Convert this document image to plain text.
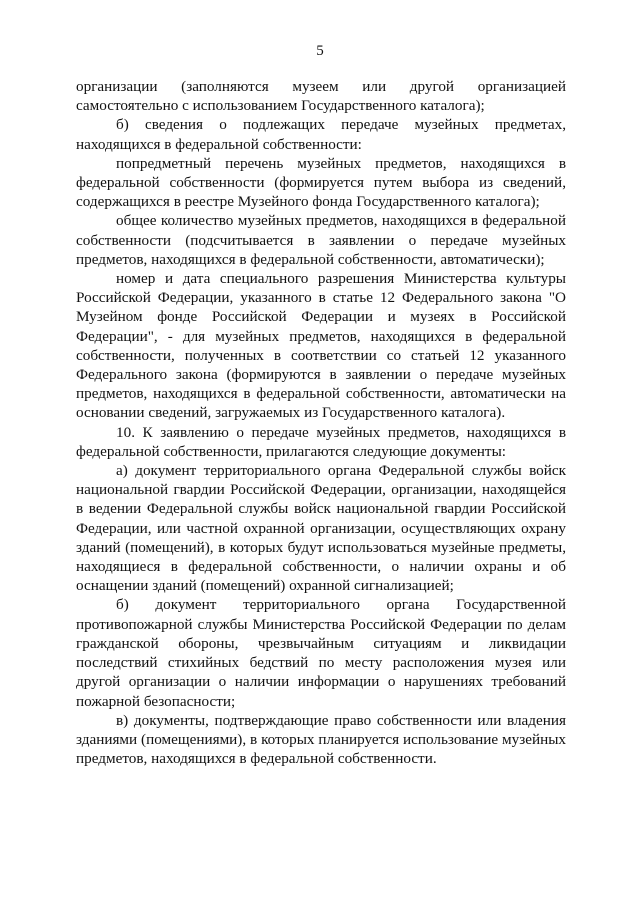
5

организации (заполняются музеем или другой организацией самостоятельно с использованием Государственного каталога);

б) сведения о подлежащих передаче музейных предметах, находящихся в федеральной собственности:

попредметный перечень музейных предметов, находящихся в федеральной собственности (формируется путем выбора из сведений, содержащихся в реестре Музейного фонда Государственного каталога);

общее количество музейных предметов, находящихся в федеральной собственности (подсчитывается в заявлении о передаче музейных предметов, находящихся в федеральной собственности, автоматически);

номер и дата специального разрешения Министерства культуры Российской Федерации, указанного в статье 12 Федерального закона "О Музейном фонде Российской Федерации и музеях в Российской Федерации", - для музейных предметов, находящихся в федеральной собственности, полученных в соответствии со статьей 12 указанного Федерального закона (формируются в заявлении о передаче музейных предметов, находящихся в федеральной собственности, автоматически на основании сведений, загружаемых из Государственного каталога).

10. К заявлению о передаче музейных предметов, находящихся в федеральной собственности, прилагаются следующие документы:

а) документ территориального органа Федеральной службы войск национальной гвардии Российской Федерации, организации, находящейся в ведении Федеральной службы войск национальной гвардии Российской Федерации, или частной охранной организации, осуществляющих охрану зданий (помещений), в которых будут использоваться музейные предметы, находящиеся в федеральной собственности, о наличии охраны и об оснащении зданий (помещений) охранной сигнализацией;

б) документ территориального органа Государственной противопожарной службы Министерства Российской Федерации по делам гражданской обороны, чрезвычайным ситуациям и ликвидации последствий стихийных бедствий по месту расположения музея или другой организации о наличии информации о нарушениях требований пожарной безопасности;

в) документы, подтверждающие право собственности или владения зданиями (помещениями), в которых планируется использование музейных предметов, находящихся в федеральной собственности.
